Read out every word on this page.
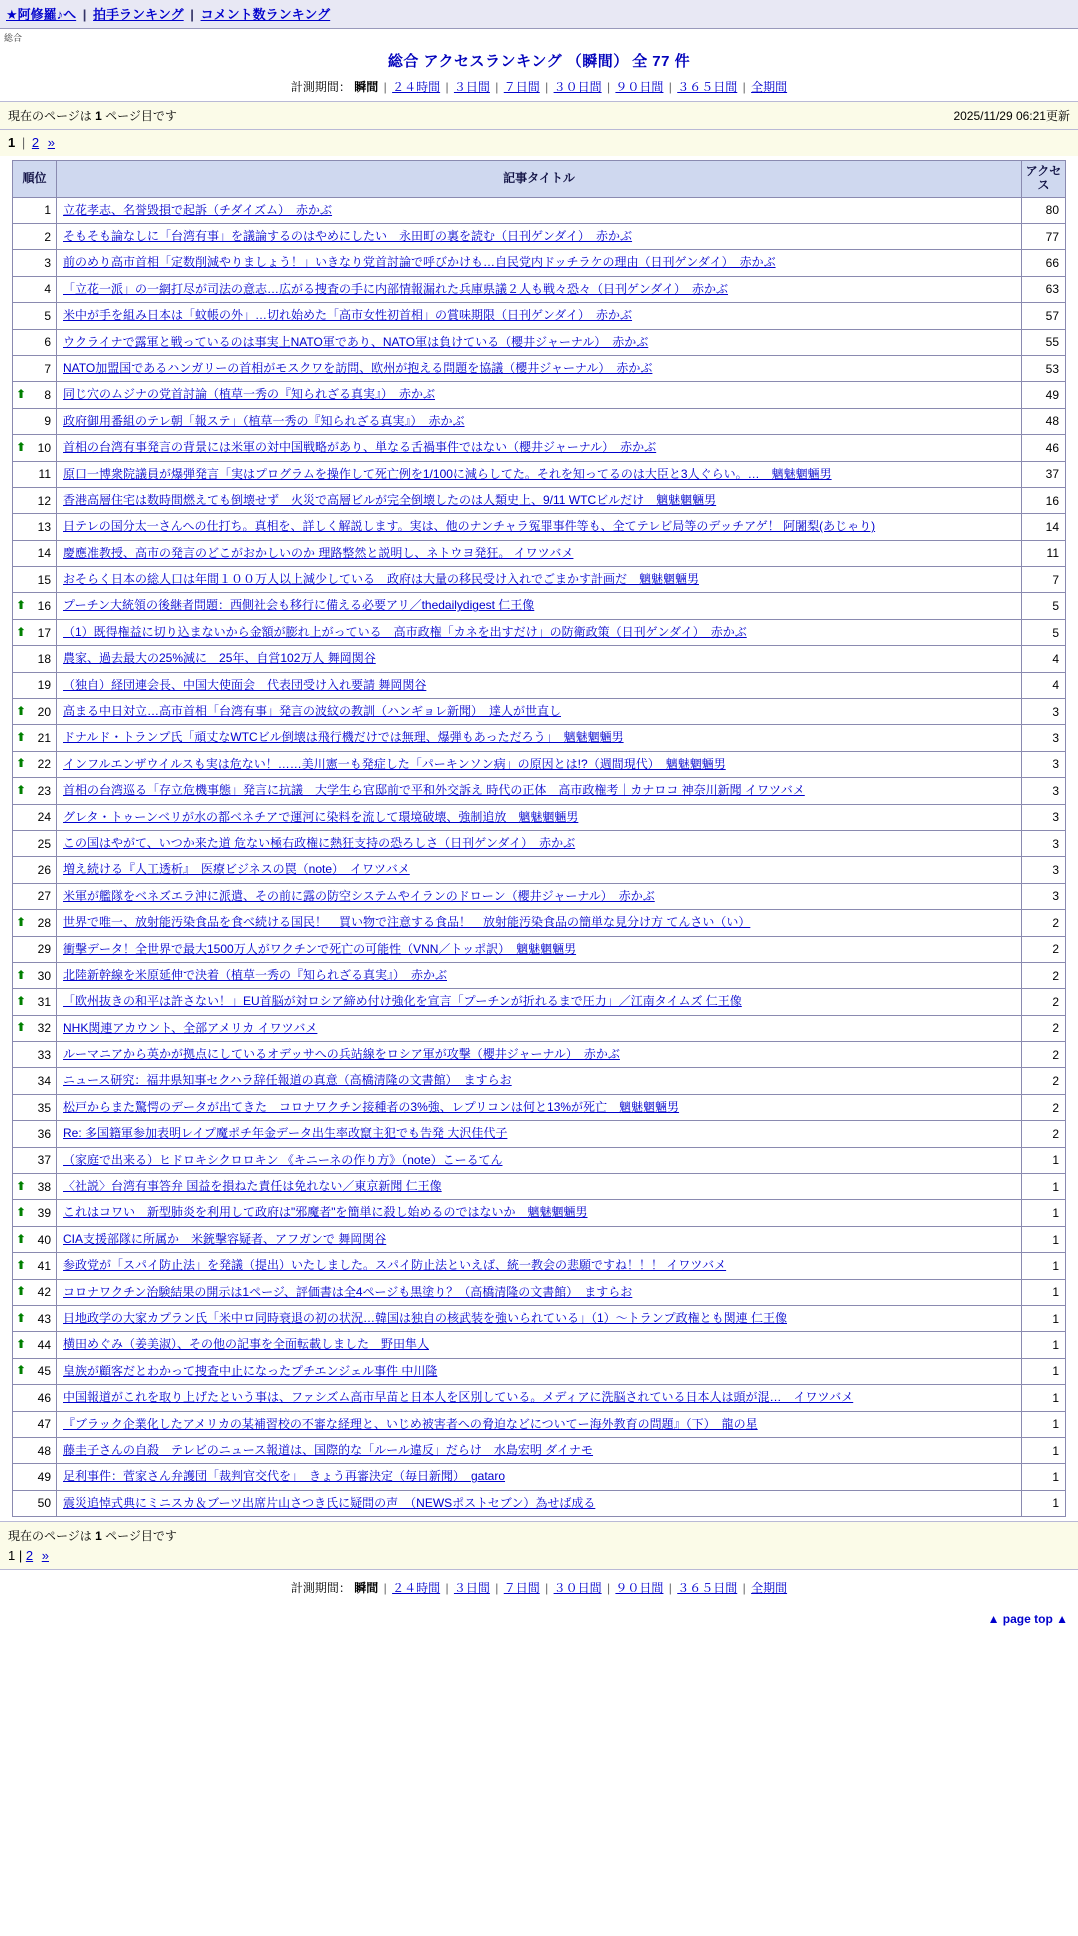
★阿修羅♪へ | 拍手ランキング | コメント数ランキング
総合
総合 アクセスランキング （瞬間） 全 77 件
計測期間： 瞬間 | ２４時間 | ３日間 | ７日間 | ３０日間 | ９０日間 | ３６５日間 | 全期間
現在のページは 1 ページ目です	2025/11/29 06:21更新
1 | 2 »
順位	記事タイトル	アクセス
1	立花孝志、名誉毀損で起訴（チダイズム）　赤かぶ	80
2	そもそも論なしに「台湾有事」を議論するのはやめにしたい　永田町の裏を読む（日刊ゲンダイ）　赤かぶ	77
3	前のめり高市首相「定数削減やりましょう！」いきなり党首討論で呼びかけも…自民党内ドッチラケの理由（日刊ゲンダイ）　赤かぶ	66
4	「立花一派」の一網打尽が司法の意志…広がる捜査の手に内部情報漏れた兵庫県議２人も戦々恐々（日刊ゲンダイ）　赤かぶ	63
5	米中が手を組み日本は「蚊帳の外」…切れ始めた「高市女性初首相」の賞味期限（日刊ゲンダイ）　赤かぶ	57
6	ウクライナで露軍と戦っているのは事実上NATO軍であり、NATO軍は負けている（櫻井ジャーナル）　赤かぶ	55
7	NATO加盟国であるハンガリーの首相がモスクワを訪問、欧州が抱える問題を協議（櫻井ジャーナル）　赤かぶ	53

⬆ 8	同じ穴のムジナの党首討論（植草一秀の『知られざる真実』）　赤かぶ	49
9	政府御用番組のテレ朝「報ステ」（植草一秀の『知られざる真実』）　赤かぶ	48

⬆ 10	首相の台湾有事発言の背景には米軍の対中国戦略があり、単なる舌禍事件ではない（櫻井ジャーナル）　赤かぶ	46
11	原口一博衆院議員が爆弾発言「実はプログラムを操作して死亡例を1/100に減らしてた。それを知ってるのは大臣と3人ぐらい。…　魑魅魍魎男	37
12	香港高層住宅は数時間燃えても倒壊せず　火災で高層ビルが完全倒壊したのは人類史上、9/11 WTCビルだけ　魑魅魍魎男	16
13	日テレの国分太一さんへの仕打ち。真相を、詳しく解説します。実は、他のナンチャラ冤罪事件等も、全てテレビ局等のデッチアゲ！ 阿闍梨(あじゃり)	14
14	慶應准教授、高市の発言のどこがおかしいのか 理路整然と説明し、ネトウヨ発狂。 イワツバメ	11
15	おそらく日本の総人口は年間１００万人以上減少している　政府は大量の移民受け入れでごまかす計画だ　魑魅魍魎男	7

⬆ 16	プーチン大統領の後継者問題：西側社会も移行に備える必要アリ／thedailydigest 仁王像	5

⬆ 17	（1）既得権益に切り込まないから金額が膨れ上がっている　高市政権「カネを出すだけ」の防衛政策（日刊ゲンダイ）　赤かぶ	5
18	農家、過去最大の25%減に　25年、自営102万人 舞岡関谷	4
19	（独自）経団連会長、中国大使面会　代表団受け入れ要請 舞岡関谷	4

⬆ 20	高まる中日対立…高市首相「台湾有事」発言の波紋の教訓（ハンギョレ新聞）　達人が世直し	3

⬆ 21	ドナルド・トランプ氏「頑丈なWTCビル倒壊は飛行機だけでは無理、爆弾もあっただろう」　魑魅魍魎男	3

⬆ 22	インフルエンザウイルスも実は危ない！……美川憲一も発症した「パーキンソン病」の原因とは!?（週間現代）　魑魅魍魎男	3

⬆ 23	首相の台湾巡る「存立危機事態」発言に抗議　大学生ら官邸前で平和外交訴え 時代の正体　高市政権考｜カナロコ 神奈川新聞 イワツバメ	3
24	グレタ・トゥーンベリが水の都ベネチアで運河に染料を流して環境破壊、強制追放　魑魅魍魎男	3
25	この国はやがて、いつか来た道 危ない極右政権に熱狂支持の恐ろしさ（日刊ゲンダイ）　赤かぶ	3
26	増え続ける『人工透析』　医療ビジネスの罠（note）　イワツバメ	3
27	米軍が艦隊をベネズエラ沖に派遣、その前に露の防空システムやイランのドローン（櫻井ジャーナル）　赤かぶ	3

⬆ 28	世界で唯一、放射能汚染食品を食べ続ける国民！　買い物で注意する食品！　放射能汚染食品の簡単な見分け方 てんさい（い）	2
29	衝撃データ！全世界で最大1500万人がワクチンで死亡の可能性（VNN／トッポ訳）　魑魅魍魎男	2

⬆ 30	北陸新幹線を米原延伸で決着（植草一秀の『知られざる真実』）　赤かぶ	2

⬆ 31	「欧州抜きの和平は許さない！」EU首脳が対ロシア締め付け強化を宣言「プーチンが折れるまで圧力」／江南タイムズ 仁王像	2

⬆ 32	NHK関連アカウント、全部アメリカ イワツバメ	2
33	ルーマニアから英かが拠点にしているオデッサへの兵站線をロシア軍が攻撃（櫻井ジャーナル）　赤かぶ	2
34	ニュース研究：福井県知事セクハラ辞任報道の真意（高橋清隆の文書館）　ますらお	2
35	松戸からまた驚愕のデータが出てきた　コロナワクチン接種者の3%強、レプリコンは何と13%が死亡　魑魅魍魎男	2
36	Re: 多国籍軍参加表明レイプ魔ポチ年金データ出生率改竄主犯でも告発 大沢佳代子	2
37	（家庭で出来る）ヒドロキシクロロキン 《キニーネの作り方》（note）こーるてん	1

⬆ 38	〈社説〉台湾有事答弁 国益を損ねた責任は免れない／東京新聞 仁王像	1

⬆ 39	これはコワい　新型肺炎を利用して政府は"邪魔者"を簡単に殺し始めるのではないか　魑魅魍魎男	1

⬆ 40	CIA支援部隊に所属か　米銃撃容疑者、アフガンで 舞岡関谷	1

⬆ 41	参政党が「スパイ防止法」を発議（提出）いたしました。スパイ防止法といえば、統一教会の悲願ですね！！！ イワツバメ	1

⬆ 42	コロナワクチン治験結果の開示は1ページ、評価書は全4ページも黒塗り？（高橋清隆の文書館）　ますらお	1

⬆ 43	日地政学の大家カプラン氏「米中ロ同時衰退の初の状況…韓国は独自の核武装を強いられている」（1）〜トランプ政権とも関連 仁王像	1

⬆ 44	横田めぐみ（姜美淑）、その他の記事を全面転載しました　野田隼人	1

⬆ 45	皇族が顧客だとわかって捜査中止になったプチエンジェル事件 中川隆	1
46	中国報道がこれを取り上げたという事は、ファシズム高市早苗と日本人を区別している。メディアに洗脳されている日本人は頭が混…　イワツバメ	1
47	『ブラック企業化したアメリカの某補習校の不審な経理と、いじめ被害者への脅迫などについてー海外教育の問題』（下）　龍の星	1
48	藤圭子さんの自殺　テレビのニュース報道は、国際的な「ルール違反」だらけ　水島宏明 ダイナモ	1
49	足利事件：菅家さん弁護団「裁判官交代を」　きょう再審決定（毎日新聞）　gataro	1
50	震災追悼式典にミニスカ＆ブーツ出席片山さつき氏に疑問の声　（NEWSポストセブン）為せば成る	1
現在のページは 1 ページ目です
1 | 2 »
計測期間： 瞬間 | ２４時間 | ３日間 | ７日間 | ３０日間 | ９０日間 | ３６５日間 | 全期間
▲ page top ▲
